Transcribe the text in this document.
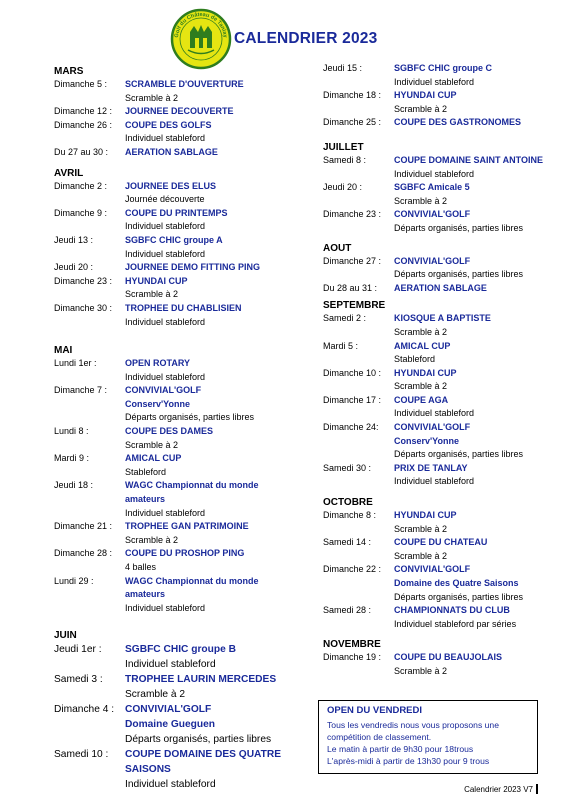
Golf du Château de Tanlay CALENDRIER 2023
MARS
Dimanche 5 :	SCRAMBLE D'OUVERTURE
Scramble à 2
Dimanche 12 :	JOURNEE DECOUVERTE
Dimanche 26 :	COUPE DES GOLFS
Individuel stableford
Du 27 au 30 :	AERATION SABLAGE
AVRIL
Dimanche 2 :	JOURNEE DES ELUS
Journée découverte
Dimanche 9 :	COUPE DU PRINTEMPS
Individuel stableford
Jeudi 13 :	SGBFC CHIC groupe A
Individuel stableford
Jeudi 20 :	JOURNEE DEMO FITTING PING
Dimanche 23 :	HYUNDAI CUP
Scramble à 2
Dimanche 30 :	TROPHEE DU CHABLISIEN
Individuel stableford
MAI
Lundi 1er :	OPEN ROTARY
Individuel stableford
Dimanche 7 :	CONVIVIAL'GOLF
Conserv'Yonne
Départs organisés, parties libres
Lundi 8 :	COUPE DES DAMES
Scramble à 2
Mardi 9 :	AMICAL CUP
Stableford
Jeudi 18 :	WAGC Championnat du monde
amateurs
Individuel stableford
Dimanche 21 :	TROPHEE GAN PATRIMOINE
Scramble à 2
Dimanche 28 :	COUPE DU PROSHOP PING
4 balles
Lundi 29 :	WAGC Championnat du monde
amateurs
Individuel stableford
JUIN
Jeudi 1er :	SGBFC CHIC groupe B
Individuel stableford
Samedi 3 :	TROPHEE LAURIN MERCEDES
Scramble à 2
Dimanche 4 :	CONVIVIAL'GOLF
Domaine Gueguen
Départs organisés, parties libres
Samedi 10 :	COUPE DOMAINE DES QUATRE
SAISONS
Individuel stableford
Jeudi 15 :	SGBFC CHIC groupe C
Individuel stableford
Dimanche 18 :	HYUNDAI CUP
Scramble à 2
Dimanche 25 :	COUPE DES GASTRONOMES
JUILLET
Samedi 8 :	COUPE DOMAINE SAINT ANTOINE
Individuel stableford
Jeudi 20 :	SGBFC Amicale 5
Scramble à 2
Dimanche 23 :	CONVIVIAL'GOLF
Départs organisés, parties libres
AOUT
Dimanche 27 :	CONVIVIAL'GOLF
Départs organisés, parties libres
Du 28 au 31 :	AERATION SABLAGE
SEPTEMBRE
Samedi 2 :	KIOSQUE A BAPTISTE
Scramble à 2
Mardi 5 :	AMICAL CUP
Stableford
Dimanche 10 :	HYUNDAI CUP
Scramble à 2
Dimanche 17 :	COUPE AGA
Individuel stableford
Dimanche 24:	CONVIVIAL'GOLF
Conserv'Yonne
Départs organisés, parties libres
Samedi 30 :	PRIX DE TANLAY
Individuel stableford
OCTOBRE
Dimanche 8 :	HYUNDAI CUP
Scramble à 2
Samedi 14 :	COUPE DU CHATEAU
Scramble à 2
Dimanche 22 :	CONVIVIAL'GOLF
Domaine des Quatre Saisons
Départs organisés, parties libres
Samedi 28 :	CHAMPIONNATS DU CLUB
Individuel stableford par séries
NOVEMBRE
Dimanche 19 :	COUPE DU BEAUJOLAIS
Scramble à 2
OPEN DU VENDREDI
Tous les vendredis nous vous proposons une
compétition de classement.
Le matin à partir de 9h30 pour 18trous
L'après-midi à partir de 13h30 pour 9 trous
Calendrier 2023 V7
